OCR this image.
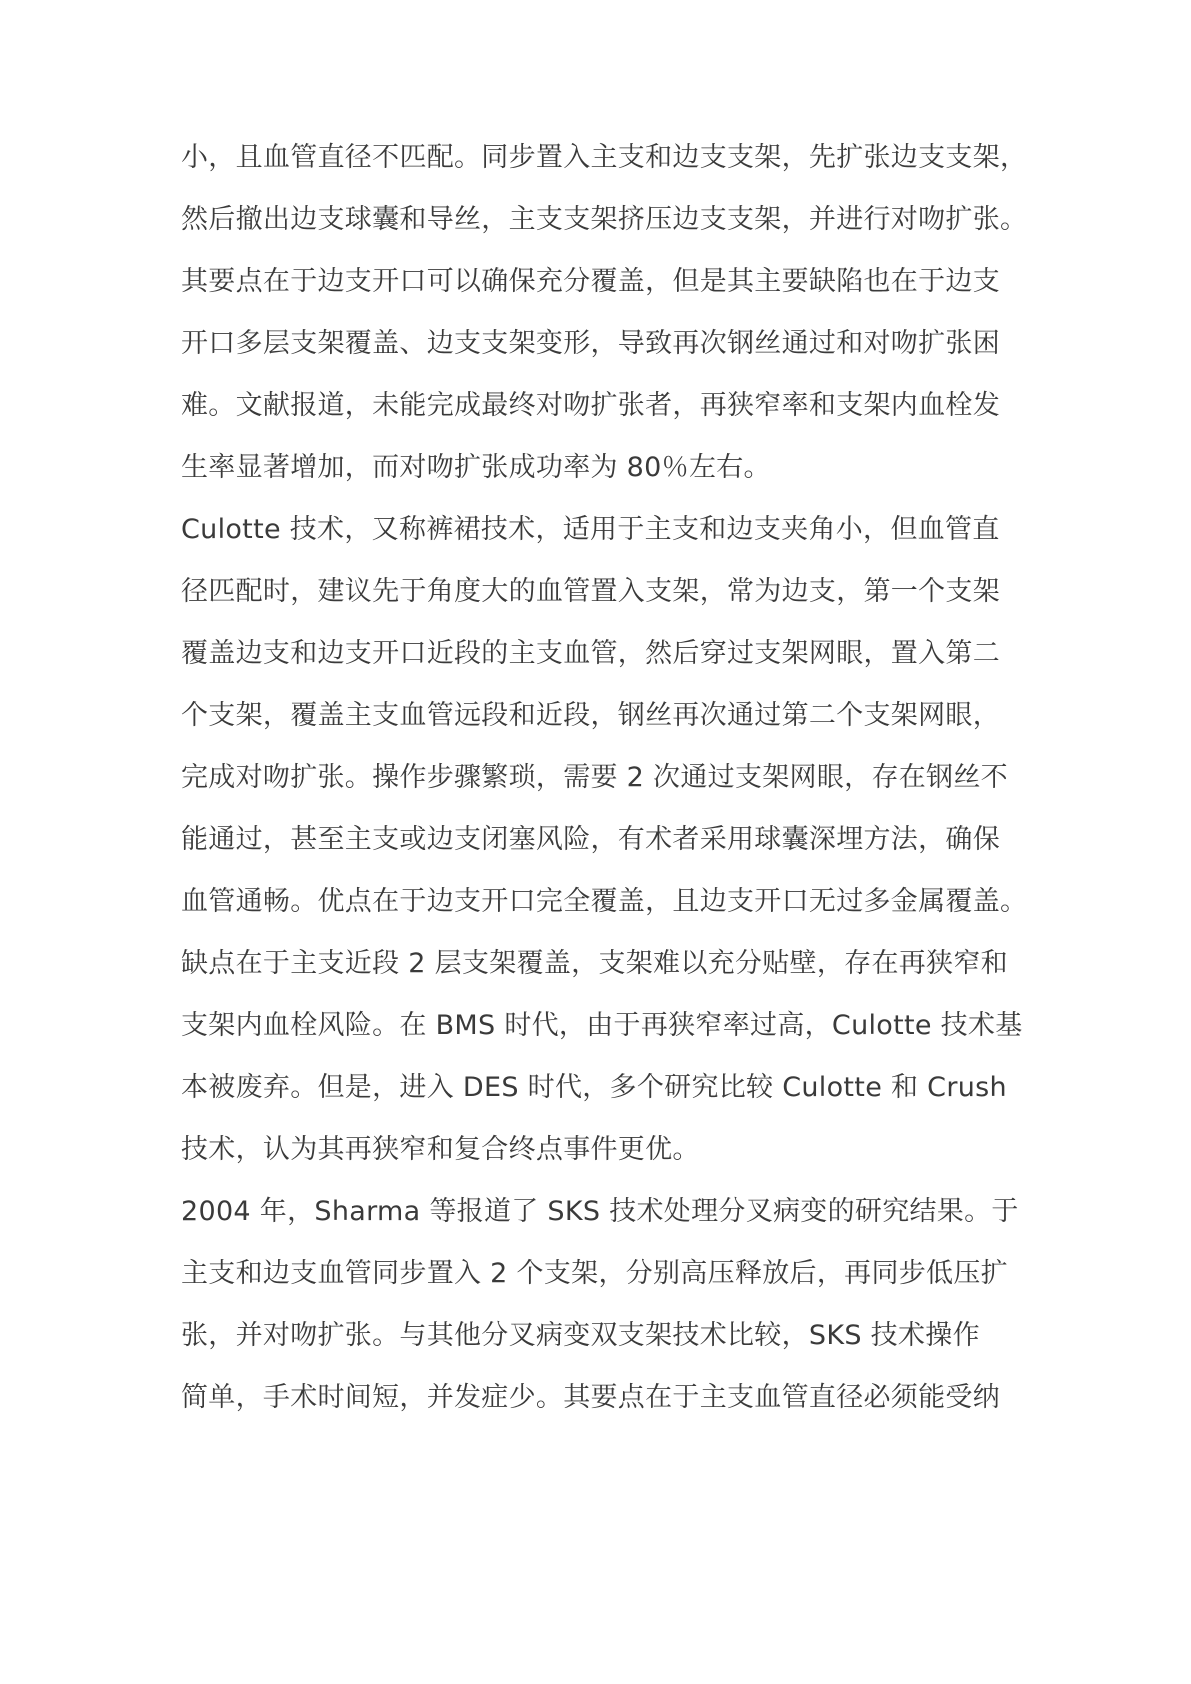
小，且血管直径不匹配。同步置入主支和边支支架，先扩张边支支架，
然后撤出边支球囊和导丝，主支支架挤压边支支架，并进行对吻扩张。
其要点在于边支开口可以确保充分覆盖，但是其主要缺陷也在于边支
开口多层支架覆盖、边支支架变形，导致再次钢丝通过和对吻扩张困
难。文献报道，未能完成最终对吻扩张者，再狭窄率和支架内血栓发
生率显著增加，而对吻扩张成功率为 80％左右。
Culotte 技术，又称裤裙技术，适用于主支和边支夹角小，但血管直
径匹配时，建议先于角度大的血管置入支架，常为边支，第一个支架
覆盖边支和边支开口近段的主支血管，然后穿过支架网眼，置入第二
个支架，覆盖主支血管远段和近段，钢丝再次通过第二个支架网眼，
完成对吻扩张。操作步骤繁琐，需要 2 次通过支架网眼，存在钢丝不
能通过，甚至主支或边支闭塞风险，有术者采用球囊深埋方法，确保
血管通畅。优点在于边支开口完全覆盖，且边支开口无过多金属覆盖。
缺点在于主支近段 2 层支架覆盖，支架难以充分贴壁，存在再狭窄和
支架内血栓风险。在 BMS 时代，由于再狭窄率过高，Culotte 技术基
本被废弃。但是，进入 DES 时代，多个研究比较 Culotte 和 Crush
技术，认为其再狭窄和复合终点事件更优。
2004 年，Sharma 等报道了 SKS 技术处理分叉病变的研究结果。于
主支和边支血管同步置入 2 个支架，分别高压释放后，再同步低压扩
张，并对吻扩张。与其他分叉病变双支架技术比较，SKS 技术操作
简单，手术时间短，并发症少。其要点在于主支血管直径必须能受纳
